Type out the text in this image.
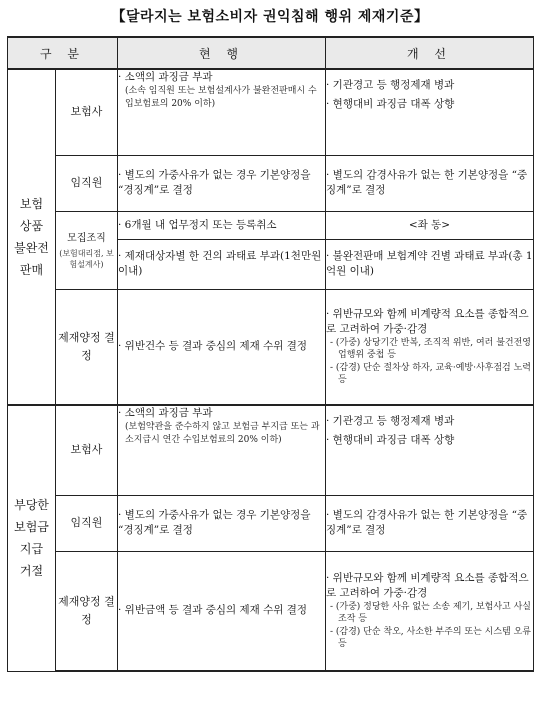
【달라지는 보험소비자 권익침해 행위 제재기준】
구 분		현 행	개 선

보험
상품
불완전
판매	보험사	· 소액의 과징금 부과
(소속 임직원 또는 보험설계사가 불완전판매시 수입보험료의 20% 이하)	· 기관경고 등 행정제재 병과
· 현행대비 과징금 대폭 상향

	임직원	· 별도의 가중사유가 없는 경우 기본양정을 “경징계”로 결정	· 별도의 감경사유가 없는 한 기본양정을 “중징계”로 결정

	모집조직
(보험대리점, 보험설계사)	· 6개월 내 업무정지 또는 등록취소	<좌 동>

		· 제재대상자별 한 건의 과태료 부과(1천만원 이내)	· 불완전판매 보험계약 건별 과태료 부과(총 1억원 이내)

	제재양정 결정	· 위반건수 등 결과 중심의 제재 수위 결정	· 위반규모와 함께 비계량적 요소를 종합적으로 고려하여 가중·감경
- (가중) 상당기간 반복, 조직적 위반, 여러 불건전영업행위 중첩 등
- (감경) 단순 절차상 하자, 교육·예방·사후점검 노력 등

부당한
보험금
지급
거절	보험사	· 소액의 과징금 부과
(보험약관을 준수하지 않고 보험금 부지급 또는 과소지급시 연간 수입보험료의 20% 이하)	· 기관경고 등 행정제재 병과
· 현행대비 과징금 대폭 상향

	임직원	· 별도의 가중사유가 없는 경우 기본양정을 “경징계”로 결정	· 별도의 감경사유가 없는 한 기본양정을 “중징계”로 결정

	제재양정 결정	· 위반금액 등 결과 중심의 제재 수위 결정	· 위반규모와 함께 비계량적 요소를 종합적으로 고려하여 가중·감경
- (가중) 정당한 사유 없는 소송 제기, 보험사고 사실 조작 등
- (감경) 단순 착오, 사소한 부주의 또는 시스템 오류 등
